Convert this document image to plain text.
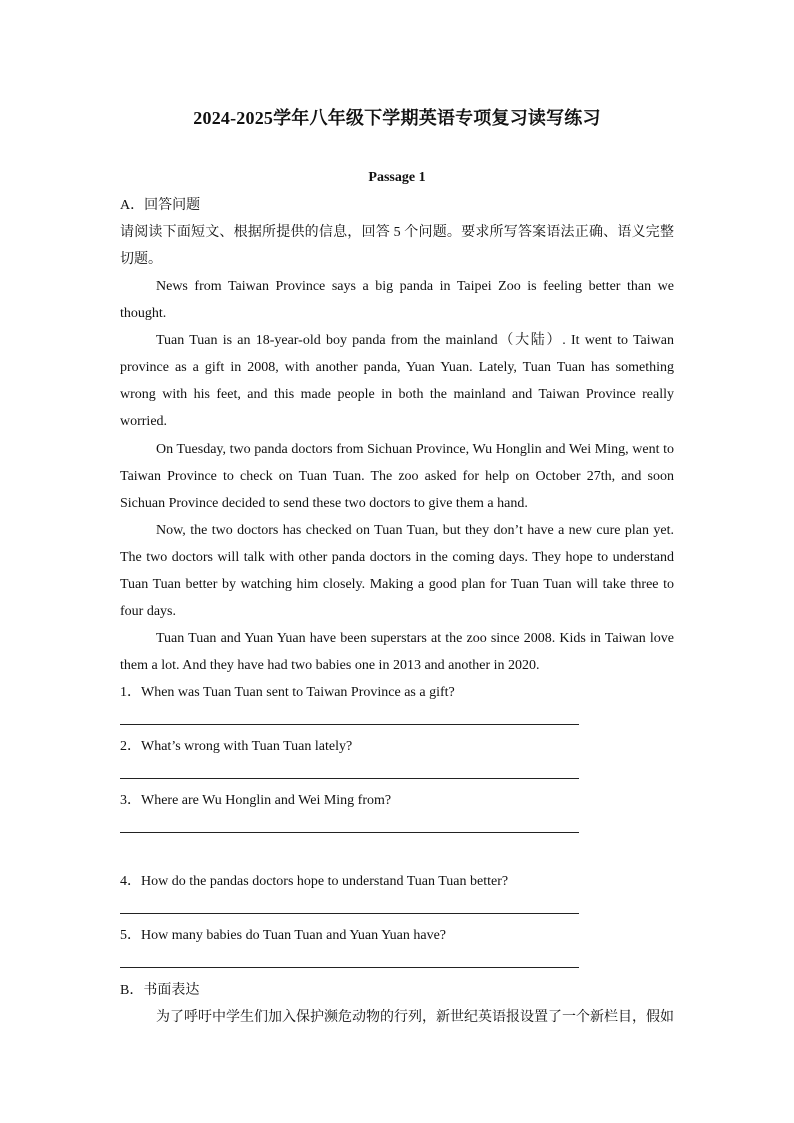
2024-2025学年八年级下学期英语专项复习读写练习
Passage 1
A．回答问题
请阅读下面短文、根据所提供的信息，回答 5 个问题。要求所写答案语法正确、语义完整切题。
News from Taiwan Province says a big panda in Taipei Zoo is feeling better than we thought.
Tuan Tuan is an 18-year-old boy panda from the mainland（大陆）. It went to Taiwan province as a gift in 2008, with another panda, Yuan Yuan. Lately, Tuan Tuan has something wrong with his feet, and this made people in both the mainland and Taiwan Province really worried.
On Tuesday, two panda doctors from Sichuan Province, Wu Honglin and Wei Ming, went to Taiwan Province to check on Tuan Tuan. The zoo asked for help on October 27th, and soon Sichuan Province decided to send these two doctors to give them a hand.
Now, the two doctors has checked on Tuan Tuan, but they don’t have a new cure plan yet. The two doctors will talk with other panda doctors in the coming days. They hope to understand Tuan Tuan better by watching him closely. Making a good plan for Tuan Tuan will take three to four days.
Tuan Tuan and Yuan Yuan have been superstars at the zoo since 2008. Kids in Taiwan love them a lot. And they have had two babies one in 2013 and another in 2020.
1．When was Tuan Tuan sent to Taiwan Province as a gift?
2．What’s wrong with Tuan Tuan lately?
3．Where are Wu Honglin and Wei Ming from?
4．How do the pandas doctors hope to understand Tuan Tuan better?
5．How many babies do Tuan Tuan and Yuan Yuan have?
B．书面表达
为了呼吁中学生们加入保护濒危动物的行列，新世纪英语报设置了一个新栏目，假如
